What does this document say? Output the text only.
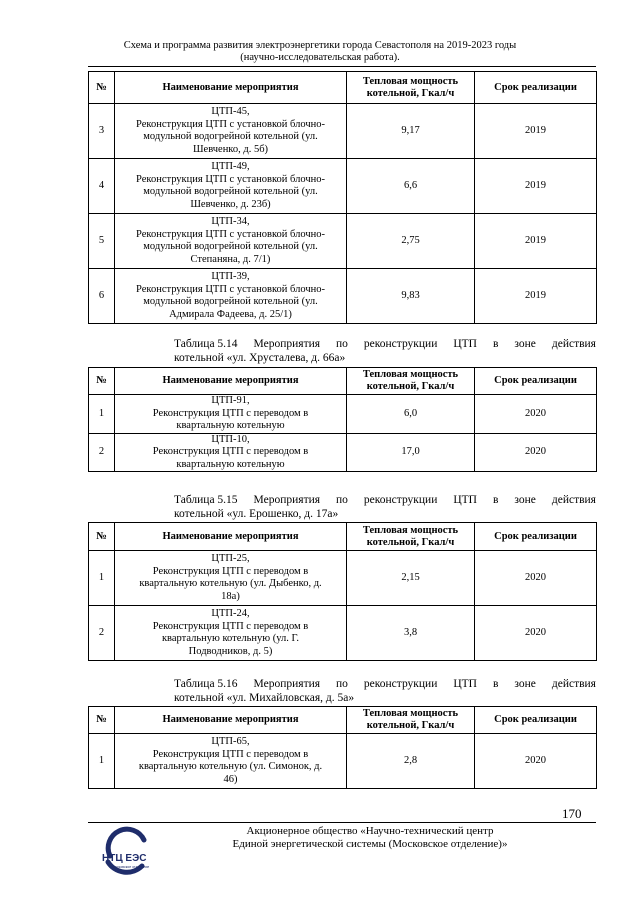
Схема и программа развития электроэнергетики города Севастополя на 2019-2023 годы
(научно-исследовательская работа).
№	Наименование мероприятия	Тепловая мощность котельной, Гкал/ч	Срок реализации
3	ЦТП-45,
Реконструкция ЦТП с установкой блочно-
модульной водогрейной котельной (ул.
Шевченко, д. 5б)	9,17	2019
4	ЦТП-49,
Реконструкция ЦТП с установкой блочно-
модульной водогрейной котельной (ул.
Шевченко, д. 23б)	6,6	2019
5	ЦТП-34,
Реконструкция ЦТП с установкой блочно-
модульной водогрейной котельной (ул.
Степаняна, д. 7/1)	2,75	2019
6	ЦТП-39,
Реконструкция ЦТП с установкой блочно-
модульной водогрейной котельной (ул.
Адмирала Фадеева, д. 25/1)	9,83	2019
Таблица 5.14 Мероприятия по реконструкции ЦТП в зоне действия
котельной «ул. Хрусталева, д. 66а»
№	Наименование мероприятия	Тепловая мощность котельной, Гкал/ч	Срок реализации
1	ЦТП-91,
Реконструкция ЦТП с переводом в
квартальную котельную	6,0	2020
2	ЦТП-10,
Реконструкция ЦТП с переводом в
квартальную котельную	17,0	2020
Таблица 5.15 Мероприятия по реконструкции ЦТП в зоне действия
котельной «ул. Ерошенко, д. 17а»
№	Наименование мероприятия	Тепловая мощность котельной, Гкал/ч	Срок реализации
1	ЦТП-25,
Реконструкция ЦТП с переводом в
квартальную котельную (ул. Дыбенко, д.
18а)	2,15	2020
2	ЦТП-24,
Реконструкция ЦТП с переводом в
квартальную котельную (ул. Г.
Подводников, д. 5)	3,8	2020
Таблица 5.16 Мероприятия по реконструкции ЦТП в зоне действия
котельной «ул. Михайловская, д. 5а»
№	Наименование мероприятия	Тепловая мощность котельной, Гкал/ч	Срок реализации
1	ЦТП-65,
Реконструкция ЦТП с переводом в
квартальную котельную (ул. Симонок, д.
46)	2,8	2020
170
НТЦ ЕЭС
Московское отделение
Акционерное общество «Научно-технический центр
Единой энергетической системы (Московское отделение)»
